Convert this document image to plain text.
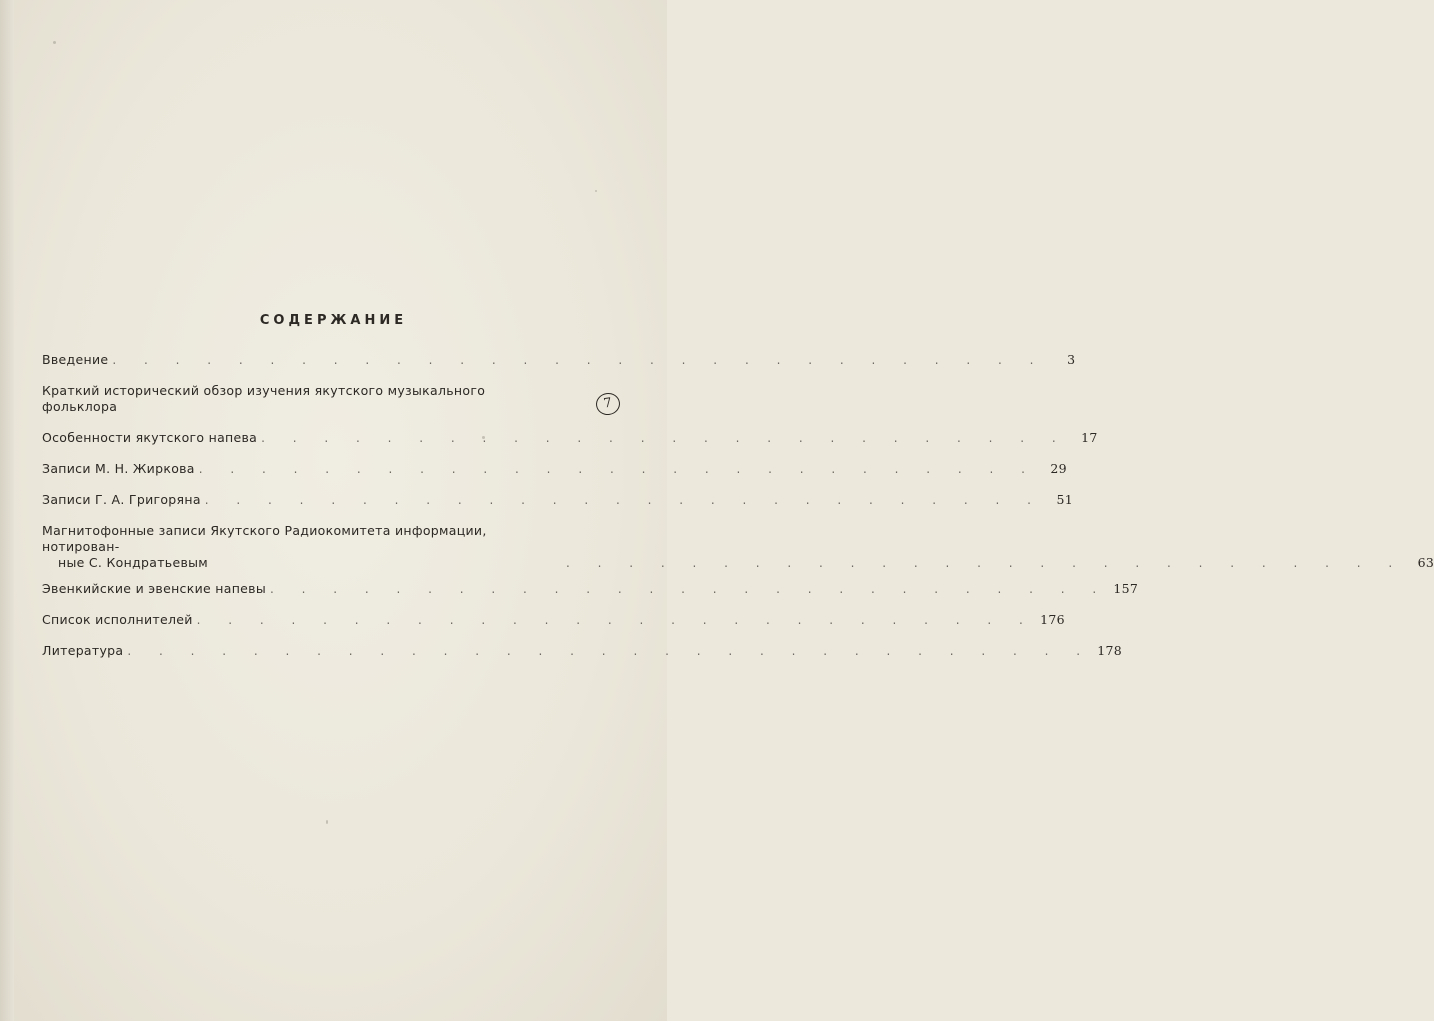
СОДЕРЖАНИЕ
Введение . . . . . . . . . . . . . . . . . . . . . . . . . . . . . .	3
Краткий исторический обзор изучения якутского музыкального фольклора	7
Особенности якутского напева . . . . . . . . . . . . . . . . . . . . . . . . . .	17
Записи М. Н. Жиркова . . . . . . . . . . . . . . . . . . . . . . . . . . .	29
Записи Г. А. Григоряна . . . . . . . . . . . . . . . . . . . . . . . . . . .	51
Магнитофонные записи Якутского Радиокомитета информации, нотирован-
ные С. Кондратьевым	. . . . . . . . . . . . . . . . . . . . . . . . . . .	63
Эвенкийские и эвенские напевы . . . . . . . . . . . . . . . . . . . . . . . . . . . 157
Список исполнителей . . . . . . . . . . . . . . . . . . . . . . . . . . . 176
Литература . . . . . . . . . . . . . . . . . . . . . . . . . . . . . . . 178
